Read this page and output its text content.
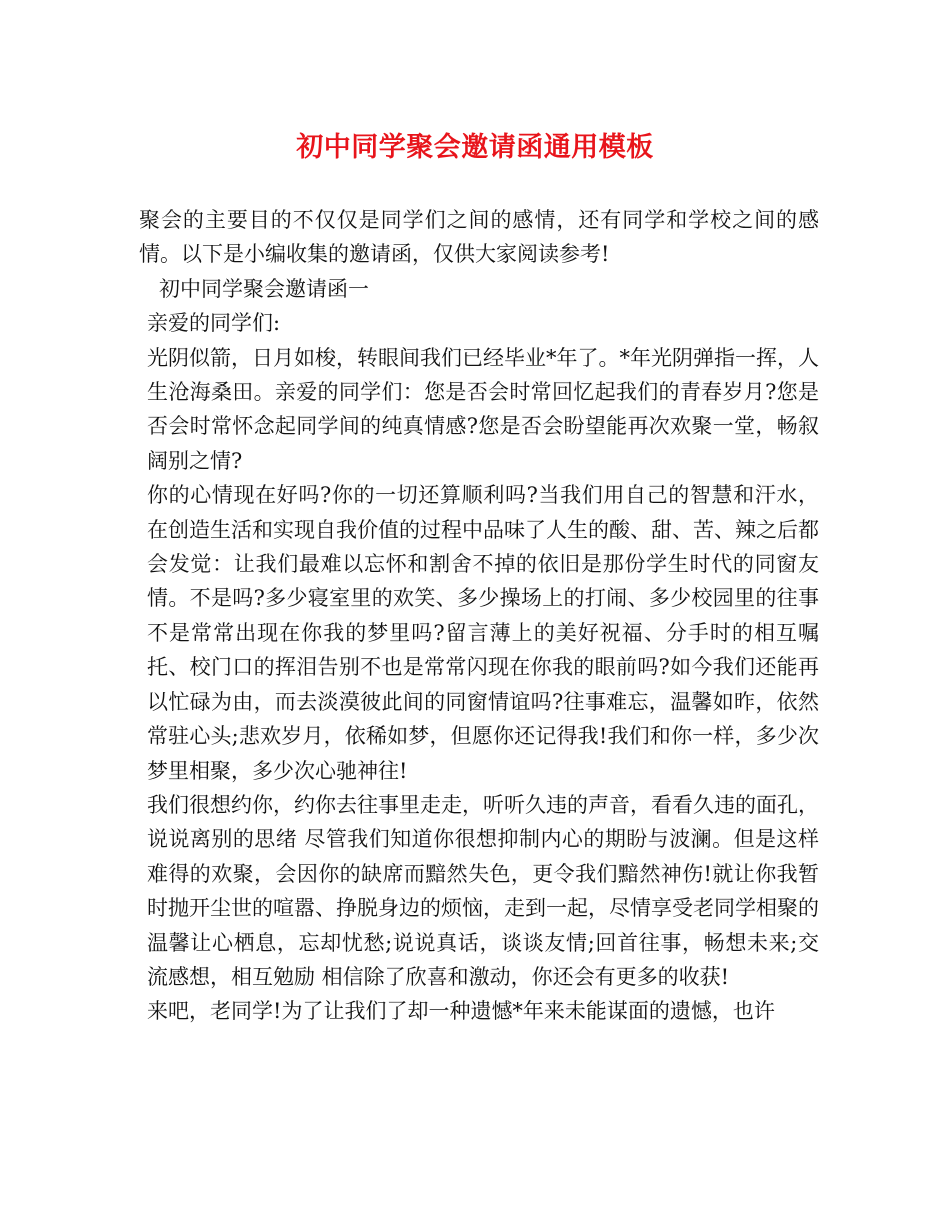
初中同学聚会邀请函通用模板

聚会的主要目的不仅仅是同学们之间的感情，还有同学和学校之间的感情。以下是小编收集的邀请函，仅供大家阅读参考!

初中同学聚会邀请函一

亲爱的同学们:

光阴似箭，日月如梭，转眼间我们已经毕业*年了。*年光阴弹指一挥，人生沧海桑田。亲爱的同学们：您是否会时常回忆起我们的青春岁月?您是否会时常怀念起同学间的纯真情感?您是否会盼望能再次欢聚一堂，畅叙阔别之情?

你的心情现在好吗?你的一切还算顺利吗?当我们用自己的智慧和汗水，在创造生活和实现自我价值的过程中品味了人生的酸、甜、苦、辣之后都会发觉：让我们最难以忘怀和割舍不掉的依旧是那份学生时代的同窗友情。不是吗?多少寝室里的欢笑、多少操场上的打闹、多少校园里的往事不是常常出现在你我的梦里吗?留言薄上的美好祝福、分手时的相互嘱托、校门口的挥泪告别不也是常常闪现在你我的眼前吗?如今我们还能再以忙碌为由，而去淡漠彼此间的同窗情谊吗?往事难忘，温馨如昨，依然常驻心头;悲欢岁月，依稀如梦，但愿你还记得我!我们和你一样，多少次梦里相聚，多少次心驰神往!

我们很想约你，约你去往事里走走，听听久违的声音，看看久违的面孔，说说离别的思绪 尽管我们知道你很想抑制内心的期盼与波澜。但是这样难得的欢聚，会因你的缺席而黯然失色，更令我们黯然神伤!就让你我暂时抛开尘世的喧嚣、挣脱身边的烦恼，走到一起，尽情享受老同学相聚的温馨让心栖息，忘却忧愁;说说真话，谈谈友情;回首往事，畅想未来;交流感想，相互勉励 相信除了欣喜和激动，你还会有更多的收获!

来吧，老同学!为了让我们了却一种遗憾*年来未能谋面的遗憾，也许
